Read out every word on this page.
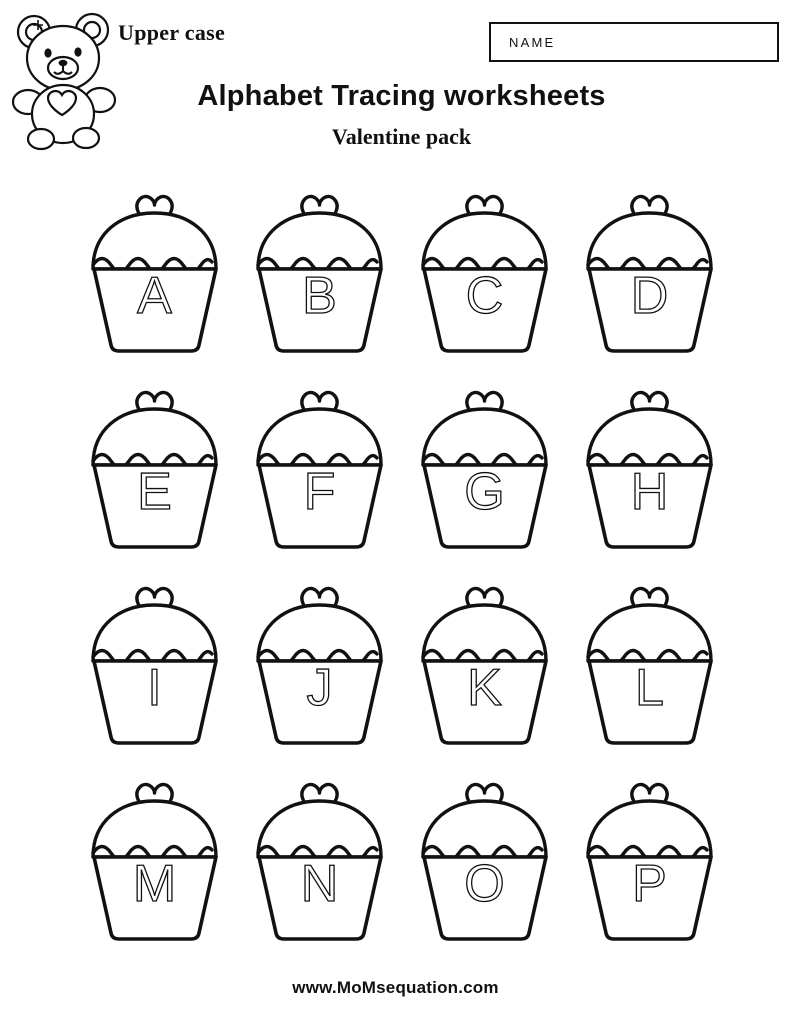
Upper case	NAME
Alphabet Tracing worksheets
Valentine pack
A	B	C	D
E	F	G	H
I	J	K	L
M	N	O	P
www.MoMsequation.com
